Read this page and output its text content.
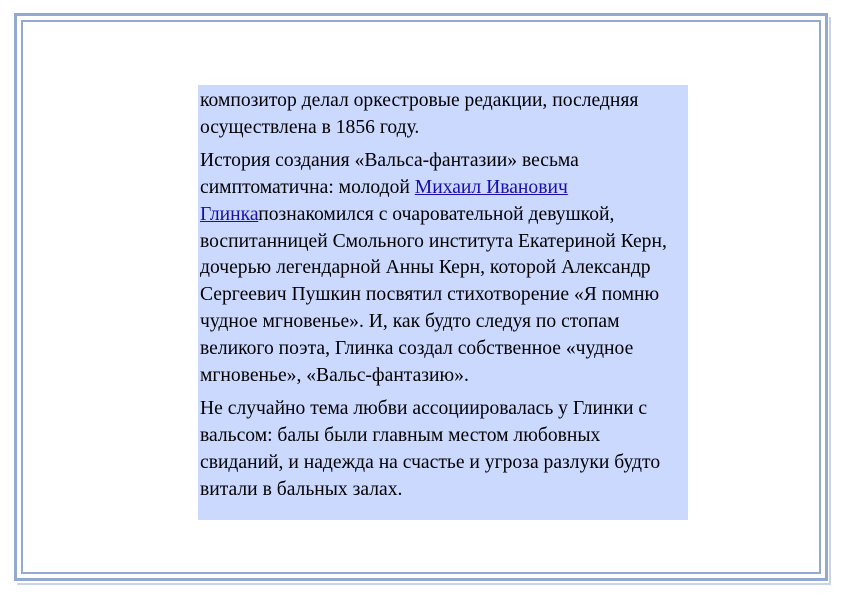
композитор делал оркестровые редакции, последняя осуществлена в 1856 году.

История создания «Вальса-фантазии» весьма симптоматична: молодой Михаил Иванович Глинкапознакомился с очаровательной девушкой, воспитанницей Смольного института Екатериной Керн, дочерью легендарной Анны Керн, которой Александр Сергеевич Пушкин посвятил стихотворение «Я помню чудное мгновенье». И, как будто следуя по стопам великого поэта, Глинка создал собственное «чудное мгновенье», «Вальс-фантазию».

Не случайно тема любви ассоциировалась у Глинки с вальсом: балы были главным местом любовных свиданий, и надежда на счастье и угроза разлуки будто витали в бальных залах.
